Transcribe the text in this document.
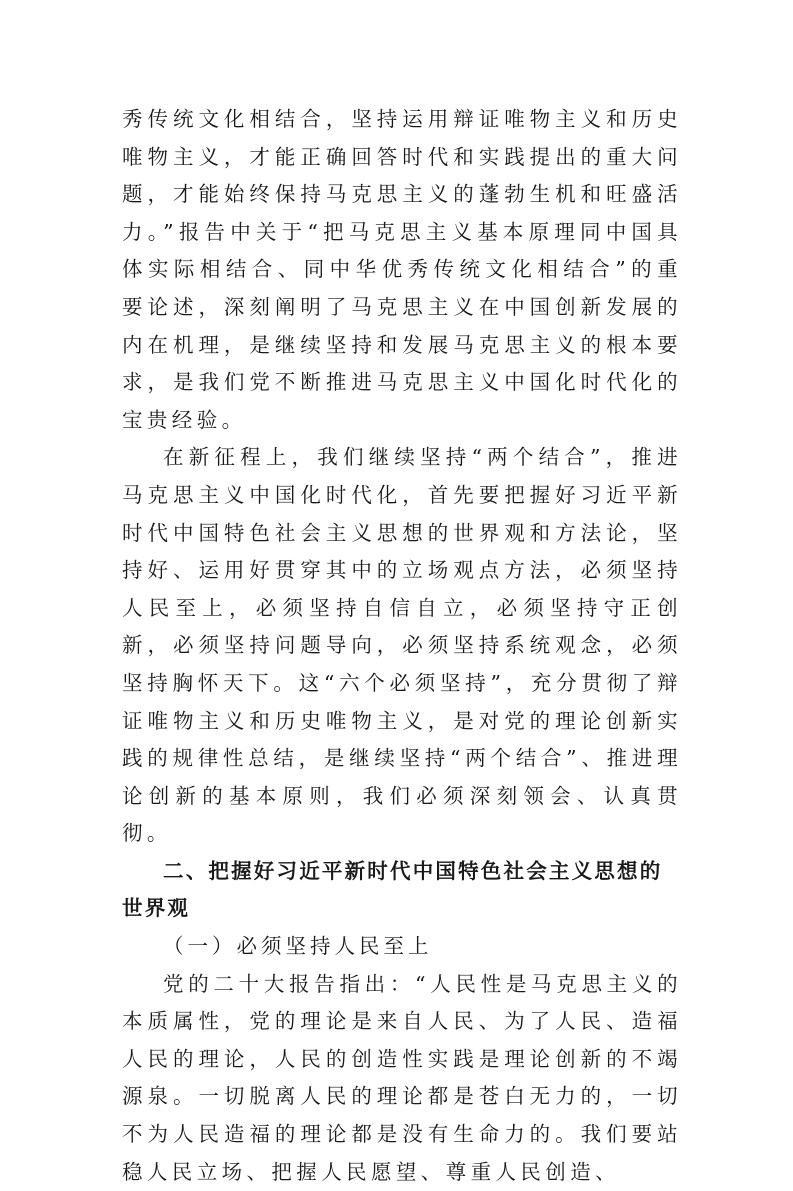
秀传统文化相结合，坚持运用辩证唯物主义和历史唯物主义，才能正确回答时代和实践提出的重大问题，才能始终保持马克思主义的蓬勃生机和旺盛活力。”报告中关于“把马克思主义基本原理同中国具体实际相结合、同中华优秀传统文化相结合”的重要论述，深刻阐明了马克思主义在中国创新发展的内在机理，是继续坚持和发展马克思主义的根本要求，是我们党不断推进马克思主义中国化时代化的宝贵经验。

在新征程上，我们继续坚持“两个结合”，推进马克思主义中国化时代化，首先要把握好习近平新时代中国特色社会主义思想的世界观和方法论，坚持好、运用好贯穿其中的立场观点方法，必须坚持人民至上，必须坚持自信自立，必须坚持守正创新，必须坚持问题导向，必须坚持系统观念，必须坚持胸怀天下。这“六个必须坚持”，充分贯彻了辩证唯物主义和历史唯物主义，是对党的理论创新实践的规律性总结，是继续坚持“两个结合”、推进理论创新的基本原则，我们必须深刻领会、认真贯彻。

二、把握好习近平新时代中国特色社会主义思想的世界观

（一）必须坚持人民至上

党的二十大报告指出：“人民性是马克思主义的本质属性，党的理论是来自人民、为了人民、造福人民的理论，人民的创造性实践是理论创新的不竭源泉。一切脱离人民的理论都是苍白无力的，一切不为人民造福的理论都是没有生命力的。我们要站稳人民立场、把握人民愿望、尊重人民创造、
